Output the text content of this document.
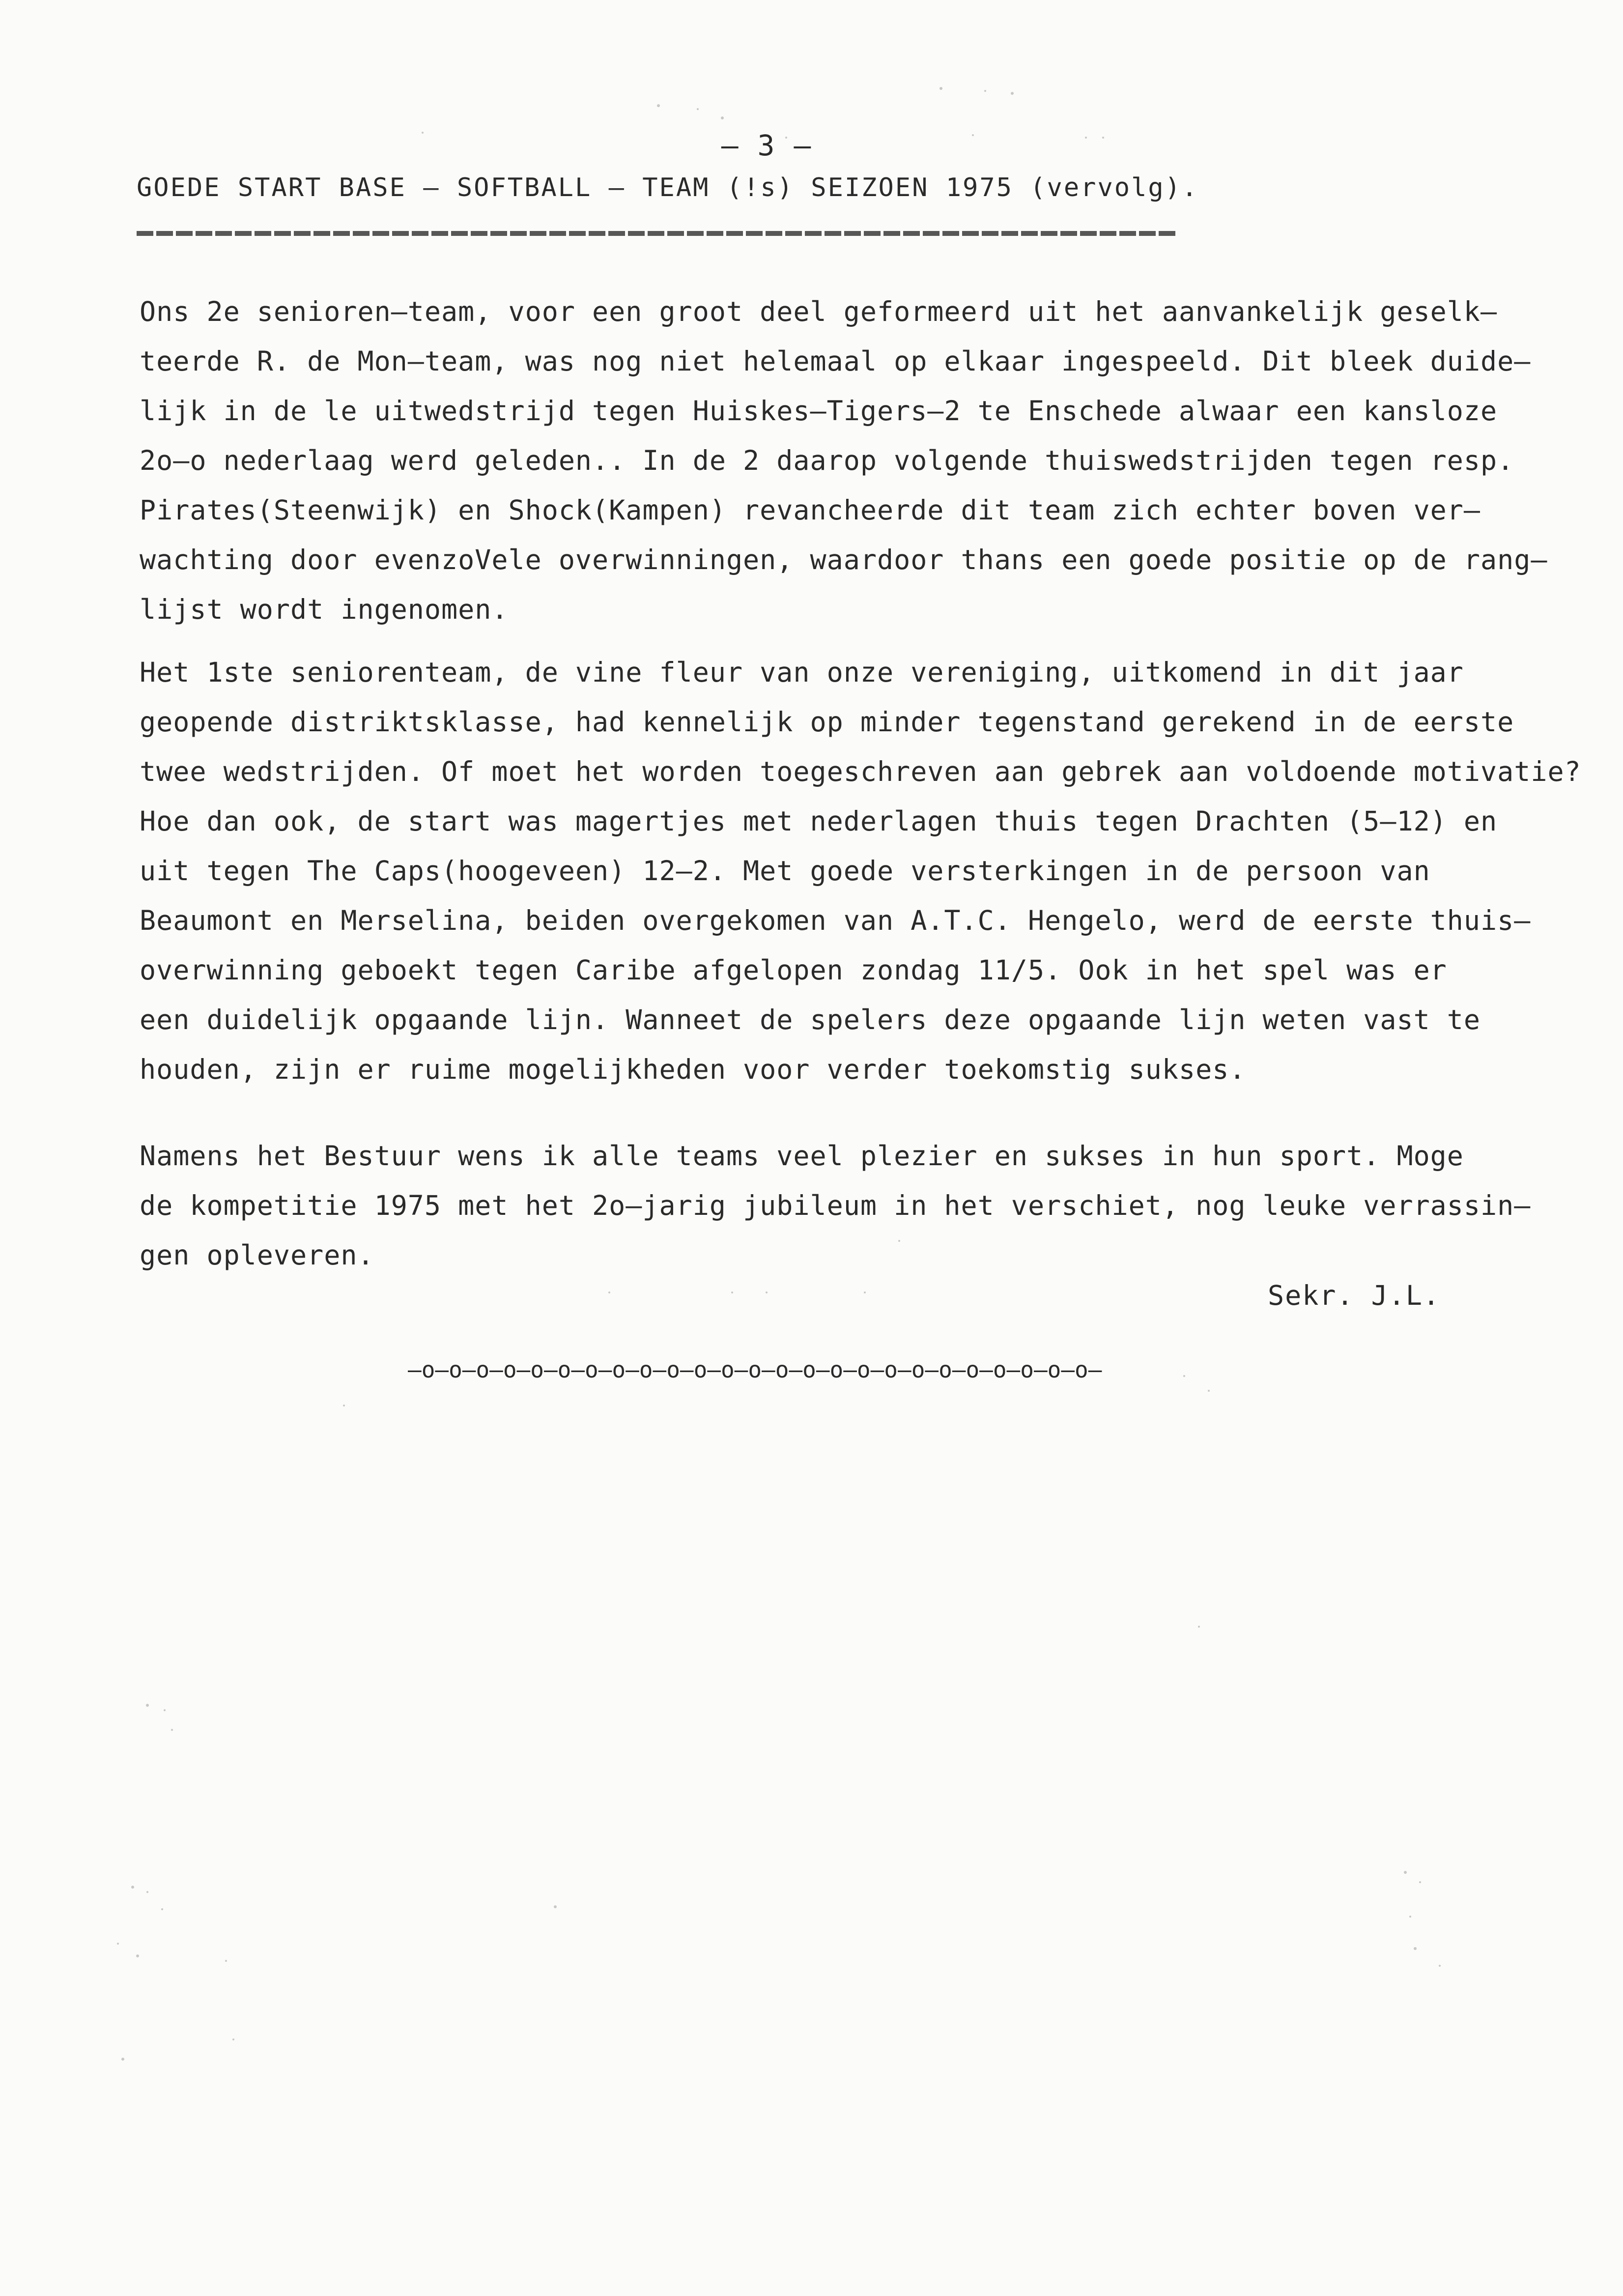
– 3 –
GOEDE START BASE – SOFTBALL – TEAM (!s) SEIZOEN 1975 (vervolg).

Ons 2e senioren–team, voor een groot deel geformeerd uit het aanvankelijk geselk–
teerde R. de Mon–team, was nog niet helemaal op elkaar ingespeeld. Dit bleek duide–
lijk in de le uitwedstrijd tegen Huiskes–Tigers–2 te Enschede alwaar een kansloze
2o–o nederlaag werd geleden.. In de 2 daarop volgende thuiswedstrijden tegen resp.
Pirates(Steenwijk) en Shock(Kampen) revancheerde dit team zich echter boven ver–
wachting door evenzoVele overwinningen, waardoor thans een goede positie op de rang–
lijst wordt ingenomen.

Het 1ste seniorenteam, de vine fleur van onze vereniging, uitkomend in dit jaar
geopende distriktsklasse, had kennelijk op minder tegenstand gerekend in de eerste
twee wedstrijden. Of moet het worden toegeschreven aan gebrek aan voldoende motivatie?
Hoe dan ook, de start was magertjes met nederlagen thuis tegen Drachten (5–12) en
uit tegen The Caps(hoogeveen) 12–2. Met goede versterkingen in de persoon van
Beaumont en Merselina, beiden overgekomen van A.T.C. Hengelo, werd de eerste thuis–
overwinning geboekt tegen Caribe afgelopen zondag 11/5. Ook in het spel was er
een duidelijk opgaande lijn. Wanneet de spelers deze opgaande lijn weten vast te
houden, zijn er ruime mogelijkheden voor verder toekomstig sukses.

Namens het Bestuur wens ik alle teams veel plezier en sukses in hun sport. Moge
de kompetitie 1975 met het 2o–jarig jubileum in het verschiet, nog leuke verrassin–
gen opleveren.

Sekr. J.L.
–o–o–o–o–o–o–o–o–o–o–o–o–o–o–o–o–o–o–o–o–o–o–o–o–o–
